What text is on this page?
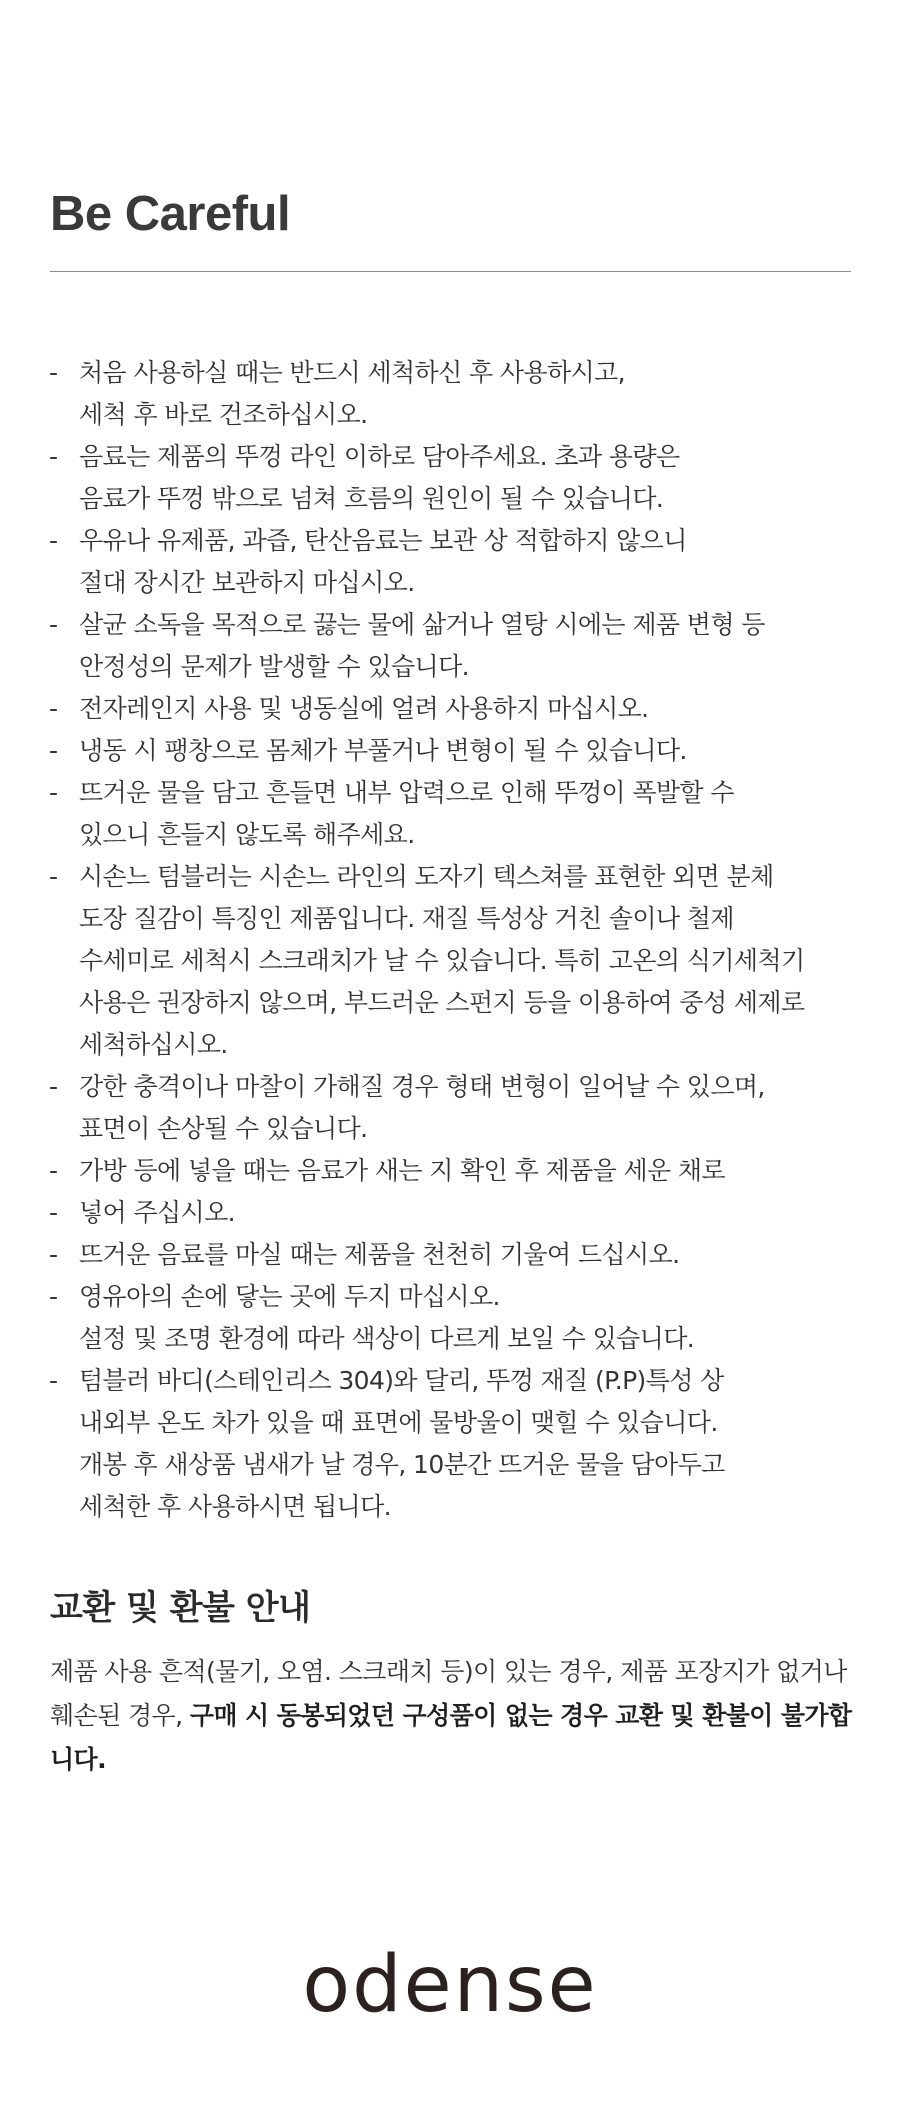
Be Careful
- 처음 사용하실 때는 반드시 세척하신 후 사용하시고,
세척 후 바로 건조하십시오.
- 음료는 제품의 뚜껑 라인 이하로 담아주세요. 초과 용량은
음료가 뚜껑 밖으로 넘쳐 흐름의 원인이 될 수 있습니다.
- 우유나 유제품, 과즙, 탄산음료는 보관 상 적합하지 않으니
절대 장시간 보관하지 마십시오.
- 살균 소독을 목적으로 끓는 물에 삶거나 열탕 시에는 제품 변형 등
안정성의 문제가 발생할 수 있습니다.
- 전자레인지 사용 및 냉동실에 얼려 사용하지 마십시오.
- 냉동 시 팽창으로 몸체가 부풀거나 변형이 될 수 있습니다.
- 뜨거운 물을 담고 흔들면 내부 압력으로 인해 뚜껑이 폭발할 수
있으니 흔들지 않도록 해주세요.
- 시손느 텀블러는 시손느 라인의 도자기 텍스쳐를 표현한 외면 분체
도장 질감이 특징인 제품입니다. 재질 특성상 거친 솔이나 철제
수세미로 세척시 스크래치가 날 수 있습니다. 특히 고온의 식기세척기
사용은 권장하지 않으며, 부드러운 스펀지 등을 이용하여 중성 세제로
세척하십시오.
- 강한 충격이나 마찰이 가해질 경우 형태 변형이 일어날 수 있으며,
표면이 손상될 수 있습니다.
- 가방 등에 넣을 때는 음료가 새는 지 확인 후 제품을 세운 채로
- 넣어 주십시오.
- 뜨거운 음료를 마실 때는 제품을 천천히 기울여 드십시오.
- 영유아의 손에 닿는 곳에 두지 마십시오.
설정 및 조명 환경에 따라 색상이 다르게 보일 수 있습니다.
- 텀블러 바디(스테인리스 304)와 달리, 뚜껑 재질 (P.P)특성 상
내외부 온도 차가 있을 때 표면에 물방울이 맺힐 수 있습니다.
개봉 후 새상품 냄새가 날 경우, 10분간 뜨거운 물을 담아두고
세척한 후 사용하시면 됩니다.
교환 및 환불 안내

제품 사용 흔적(물기, 오염. 스크래치 등)이 있는 경우, 제품 포장지가 없거나 훼손된 경우, 구매 시 동봉되었던 구성품이 없는 경우 교환 및 환불이 불가합니다.

odense
